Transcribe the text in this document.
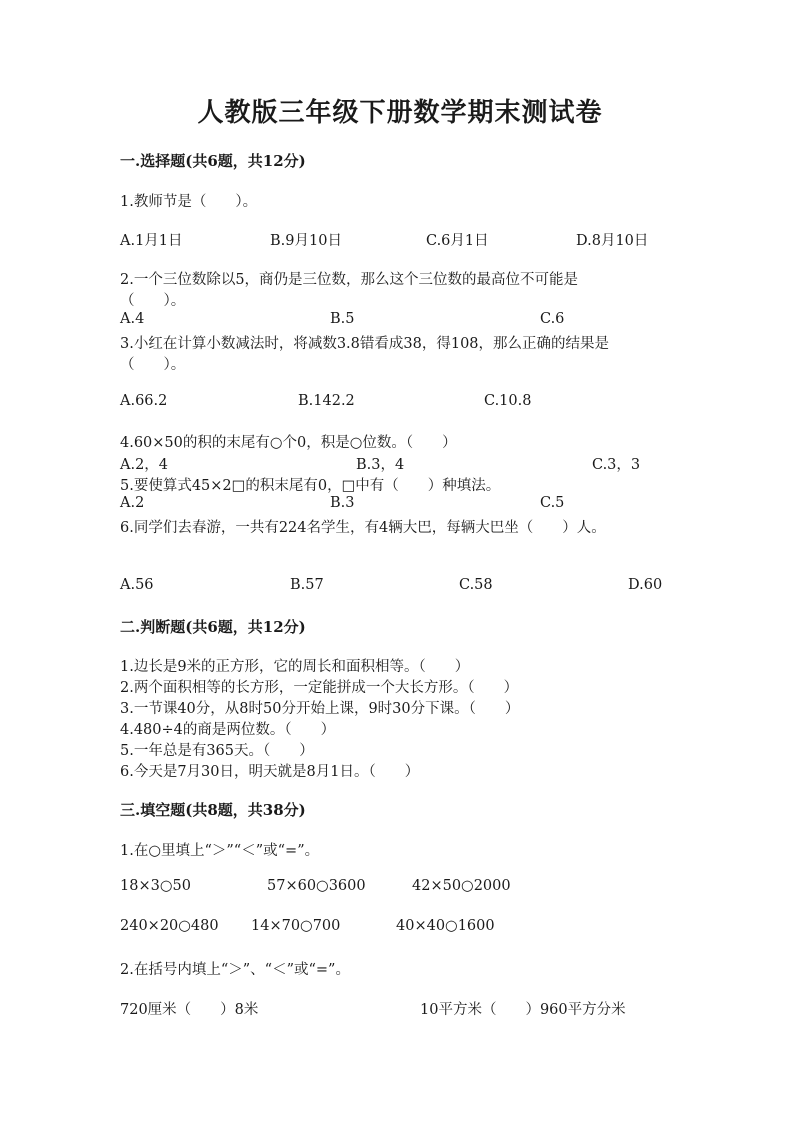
人教版三年级下册数学期末测试卷
一.选择题(共6题，共12分)
1.教师节是（　　）。
A.1月1日	B.9月10日	C.6月1日	D.8月10日
2.一个三位数除以5，商仍是三位数，那么这个三位数的最高位不可能是
（　　）。
A.4	B.5	C.6
3.小红在计算小数减法时，将减数3.8错看成38，得108，那么正确的结果是
（　　）。
A.66.2	B.142.2	C.10.8
4.60×50的积的末尾有○个0，积是○位数。（　　）
A.2，4	B.3，4	C.3，3
5.要使算式45×2□的积末尾有0，□中有（　　）种填法。
A.2	B.3	C.5
6.同学们去春游，一共有224名学生，有4辆大巴，每辆大巴坐（　　）人。
A.56	B.57	C.58	D.60
二.判断题(共6题，共12分)
1.边长是9米的正方形，它的周长和面积相等。（　　）
2.两个面积相等的长方形，一定能拼成一个大长方形。（　　）
3.一节课40分，从8时50分开始上课，9时30分下课。（　　）
4.480÷4的商是两位数。（　　）
5.一年总是有365天。（　　）
6.今天是7月30日，明天就是8月1日。（　　）
三.填空题(共8题，共38分)
1.在○里填上“＞”“＜”或“=”。
18×3○50	57×60○3600	42×50○2000
240×20○480 14×70○700	40×40○1600
2.在括号内填上“＞”、“＜”或“=”。
720厘米（　　）8米	10平方米（　　）960平方分米
